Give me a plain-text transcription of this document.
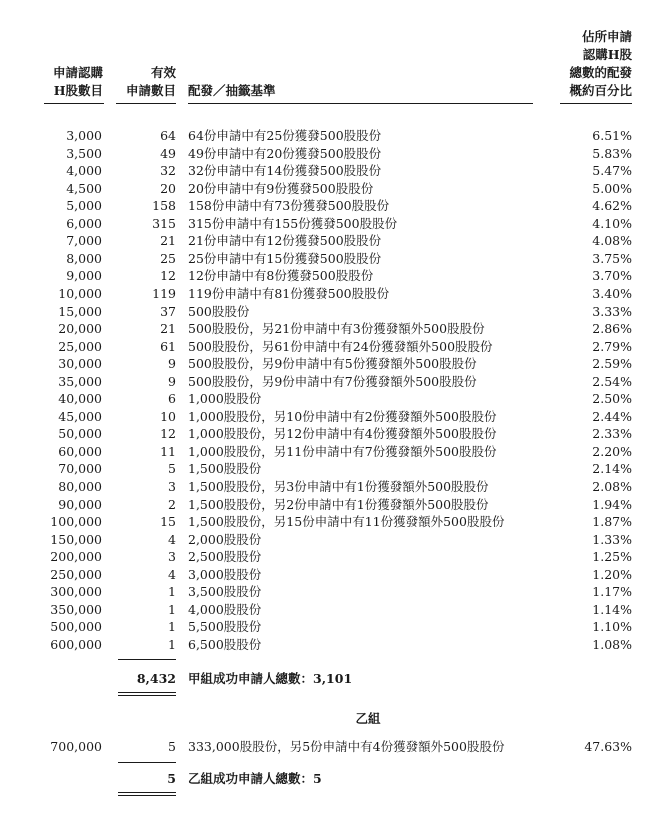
申請認購
H股數目
有效
申請數目 配發／抽籤基準
佔所申請
認購H股
總數的配發
概約百分比
3,000	64 64份申請中有25份獲發500股股份	6.51%
3,500	49 49份申請中有20份獲發500股股份	5.83%
4,000	32 32份申請中有14份獲發500股股份	5.47%
4,500	20 20份申請中有9份獲發500股股份	5.00%
5,000	158 158份申請中有73份獲發500股股份	4.62%
6,000	315 315份申請中有155份獲發500股股份	4.10%
7,000	21 21份申請中有12份獲發500股股份	4.08%
8,000	25 25份申請中有15份獲發500股股份	3.75%
9,000	12 12份申請中有8份獲發500股股份	3.70%
10,000	119 119份申請中有81份獲發500股股份	3.40%
15,000	37 500股股份	3.33%
20,000	21 500股股份，另21份申請中有3份獲發額外500股股份	2.86%
25,000	61 500股股份，另61份申請中有24份獲發額外500股股份	2.79%
30,000	9 500股股份，另9份申請中有5份獲發額外500股股份	2.59%
35,000	9 500股股份，另9份申請中有7份獲發額外500股股份	2.54%
40,000	6 1,000股股份	2.50%
45,000	10 1,000股股份，另10份申請中有2份獲發額外500股股份	2.44%
50,000	12 1,000股股份，另12份申請中有4份獲發額外500股股份	2.33%
60,000	11 1,000股股份，另11份申請中有7份獲發額外500股股份	2.20%
70,000	5 1,500股股份	2.14%
80,000	3 1,500股股份，另3份申請中有1份獲發額外500股股份	2.08%
90,000	2 1,500股股份，另2份申請中有1份獲發額外500股股份	1.94%
100,000	15 1,500股股份，另15份申請中有11份獲發額外500股股份	1.87%
150,000	4 2,000股股份	1.33%
200,000	3 2,500股股份	1.25%
250,000	4 3,000股股份	1.20%
300,000	1 3,500股股份	1.17%
350,000	1 4,000股股份	1.14%
500,000	1 5,500股股份	1.10%
600,000	1 6,500股股份	1.08%
8,432 甲組成功申請人總數：3,101
乙組
700,000	5 333,000股股份，另5份申請中有4份獲發額外500股股份	47.63%
5 乙組成功申請人總數：5
